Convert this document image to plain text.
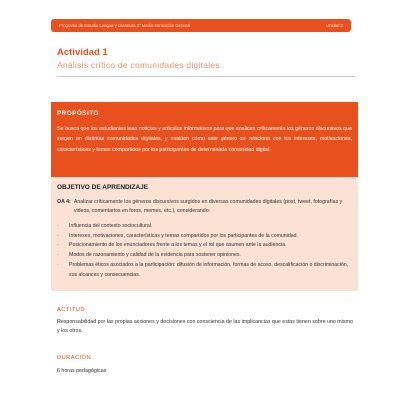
Programa de Estudio Lengua y Literatura 3° Medio Formación General	Unidad 3
Actividad 1
Análisis crítico de comunidades digitales
PROPÓSITO
Se busca que los estudiantes lean noticias y artículos informativos para que analicen críticamente los géneros discursivos que surgen en distintas comunidades digitales, y evalúen cómo este género se relaciona con los intereses, motivaciones, características y temas compartidos por los participantes de determinada comunidad digital.
OBJETIVO DE APRENDIZAJE
OA 4: Analizar críticamente los géneros discursivos surgidos en diversas comunidades digitales (post, tweet, fotografías y videos, comentarios en foros, memes, etc.), considerando:
·	Influencia del contexto sociocultural.
·	Intereses, motivaciones, características y temas compartidos por los participantes de la comunidad.
·	Posicionamiento de los enunciadores frente a los temas y el rol que asumen ante la audiencia.
·	Modos de razonamiento y calidad de la evidencia para sostener opiniones.
·	Problemas éticos asociados a la participación: difusión de información, formas de acoso, descalificación o discriminación, sus alcances y consecuencias.
ACTITUD
Responsabilidad por las propias acciones y decisiones con consciencia de las implicancias que estas tienen sobre uno mismo y los otros.
DURACIÓN
6 horas pedagógicas
